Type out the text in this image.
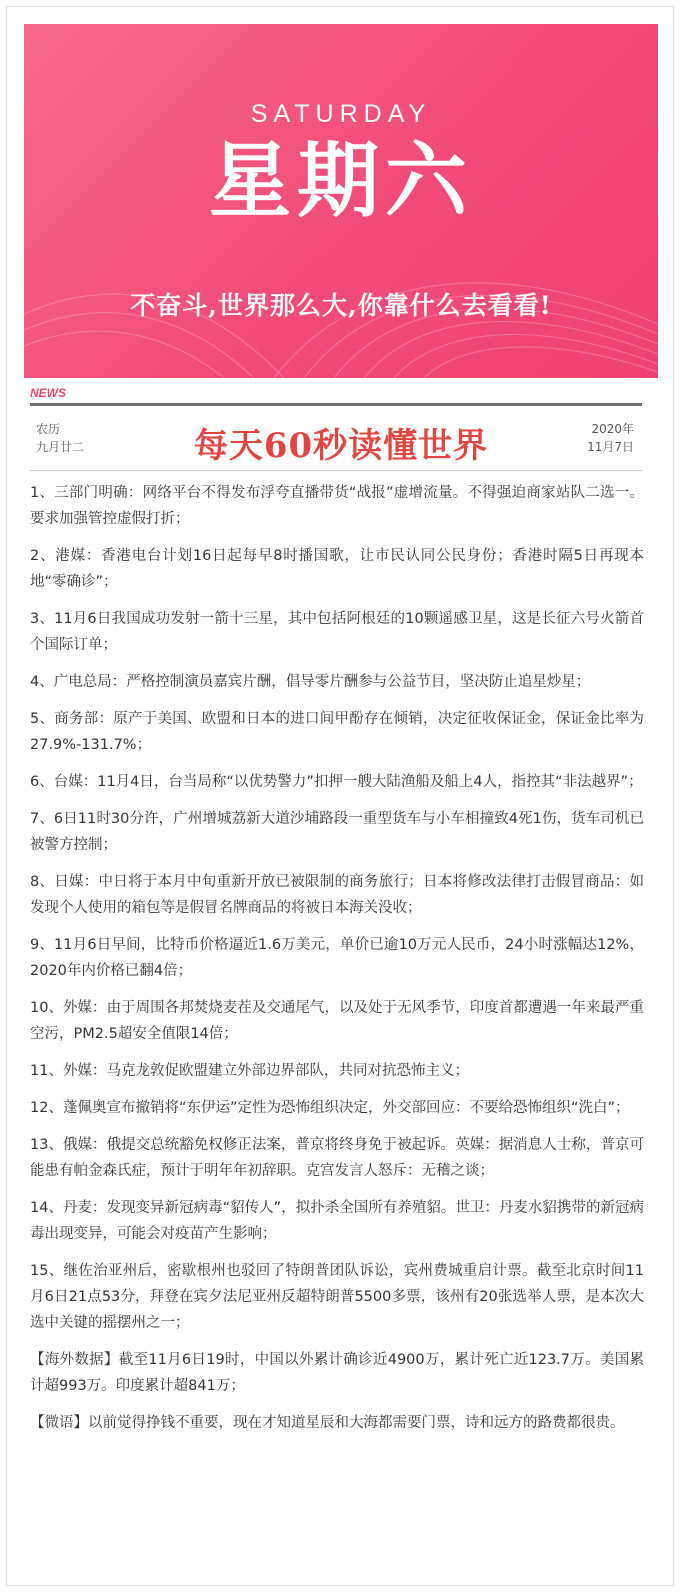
SATURDAY
星期六
不奋斗,世界那么大,你靠什么去看看!
NEWS
农历
九月廿二	每天60秒读懂世界	2020年
11月7日
1、三部门明确：网络平台不得发布浮夸直播带货“战报”虚增流量。不得强迫商家站队二选一。要求加强管控虚假打折；
2、港媒：香港电台计划16日起每早8时播国歌，让市民认同公民身份；香港时隔5日再现本地“零确诊”；
3、11月6日我国成功发射一箭十三星，其中包括阿根廷的10颗遥感卫星，这是长征六号火箭首个国际订单；
4、广电总局：严格控制演员嘉宾片酬，倡导零片酬参与公益节目，坚决防止追星炒星；
5、商务部：原产于美国、欧盟和日本的进口间甲酚存在倾销，决定征收保证金，保证金比率为27.9%-131.7%；
6、台媒：11月4日，台当局称“以优势警力”扣押一艘大陆渔船及船上4人，指控其“非法越界”；
7、6日11时30分许，广州增城荔新大道沙埔路段一重型货车与小车相撞致4死1伤，货车司机已被警方控制；
8、日媒：中日将于本月中旬重新开放已被限制的商务旅行；日本将修改法律打击假冒商品：如发现个人使用的箱包等是假冒名牌商品的将被日本海关没收；
9、11月6日早间，比特币价格逼近1.6万美元，单价已逾10万元人民币，24小时涨幅达12%，2020年内价格已翻4倍；
10、外媒：由于周围各邦焚烧麦茬及交通尾气，以及处于无风季节，印度首都遭遇一年来最严重空污，PM2.5超安全值限14倍；
11、外媒：马克龙敦促欧盟建立外部边界部队，共同对抗恐怖主义；
12、蓬佩奥宣布撤销将“东伊运”定性为恐怖组织决定，外交部回应：不要给恐怖组织“洗白”；
13、俄媒：俄提交总统豁免权修正法案，普京将终身免于被起诉。英媒：据消息人士称，普京可能患有帕金森氏症，预计于明年年初辞职。克宫发言人怒斥：无稽之谈；
14、丹麦：发现变异新冠病毒“貂传人”，拟扑杀全国所有养殖貂。世卫：丹麦水貂携带的新冠病毒出现变异，可能会对疫苗产生影响；
15、继佐治亚州后，密歇根州也驳回了特朗普团队诉讼，宾州费城重启计票。截至北京时间11月6日21点53分，拜登在宾夕法尼亚州反超特朗普5500多票，该州有20张选举人票，是本次大选中关键的摇摆州之一；
【海外数据】截至11月6日19时，中国以外累计确诊近4900万，累计死亡近123.7万。美国累计超993万。印度累计超841万；
【微语】以前觉得挣钱不重要，现在才知道星辰和大海都需要门票，诗和远方的路费都很贵。
